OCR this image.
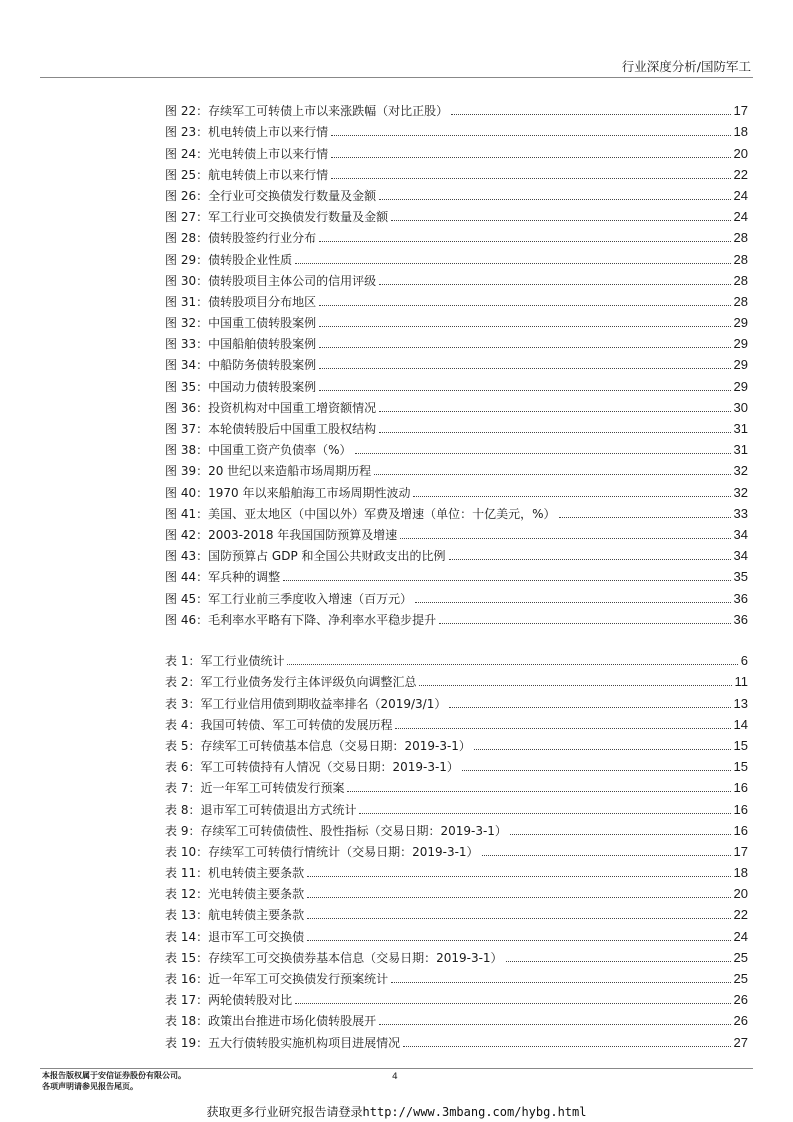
行业深度分析/国防军工
图 22：存续军工可转债上市以来涨跌幅（对比正股）	17
图 23：机电转债上市以来行情	18
图 24：光电转债上市以来行情	20
图 25：航电转债上市以来行情	22
图 26：全行业可交换债发行数量及金额	24
图 27：军工行业可交换债发行数量及金额	24
图 28：债转股签约行业分布	28
图 29：债转股企业性质	28
图 30：债转股项目主体公司的信用评级	28
图 31：债转股项目分布地区	28
图 32：中国重工债转股案例	29
图 33：中国船舶债转股案例	29
图 34：中船防务债转股案例	29
图 35：中国动力债转股案例	29
图 36：投资机构对中国重工增资额情况	30
图 37：本轮债转股后中国重工股权结构	31
图 38：中国重工资产负债率（%）	31
图 39：20 世纪以来造船市场周期历程	32
图 40：1970 年以来船舶海工市场周期性波动	32
图 41：美国、亚太地区（中国以外）军费及增速（单位：十亿美元，%）	33
图 42：2003-2018 年我国国防预算及增速	34
图 43：国防预算占 GDP 和全国公共财政支出的比例	34
图 44：军兵种的调整	35
图 45：军工行业前三季度收入增速（百万元）	36
图 46：毛利率水平略有下降、净利率水平稳步提升	36
表 1：军工行业债统计	6
表 2：军工行业债务发行主体评级负向调整汇总	11
表 3：军工行业信用债到期收益率排名（2019/3/1）	13
表 4：我国可转债、军工可转债的发展历程	14
表 5：存续军工可转债基本信息（交易日期：2019-3-1）	15
表 6：军工可转债持有人情况（交易日期：2019-3-1）	15
表 7：近一年军工可转债发行预案	16
表 8：退市军工可转债退出方式统计	16
表 9：存续军工可转债债性、股性指标（交易日期：2019-3-1）	16
表 10：存续军工可转债行情统计（交易日期：2019-3-1）	17
表 11：机电转债主要条款	18
表 12：光电转债主要条款	20
表 13：航电转债主要条款	22
表 14：退市军工可交换债	24
表 15：存续军工可交换债券基本信息（交易日期：2019-3-1）	25
表 16：近一年军工可交换债发行预案统计	25
表 17：两轮债转股对比	26
表 18：政策出台推进市场化债转股展开	26
表 19：五大行债转股实施机构项目进展情况	27
本报告版权属于安信证券股份有限公司。
各项声明请参见报告尾页。
4
获取更多行业研究报告请登录http://www.3mbang.com/hybg.html
